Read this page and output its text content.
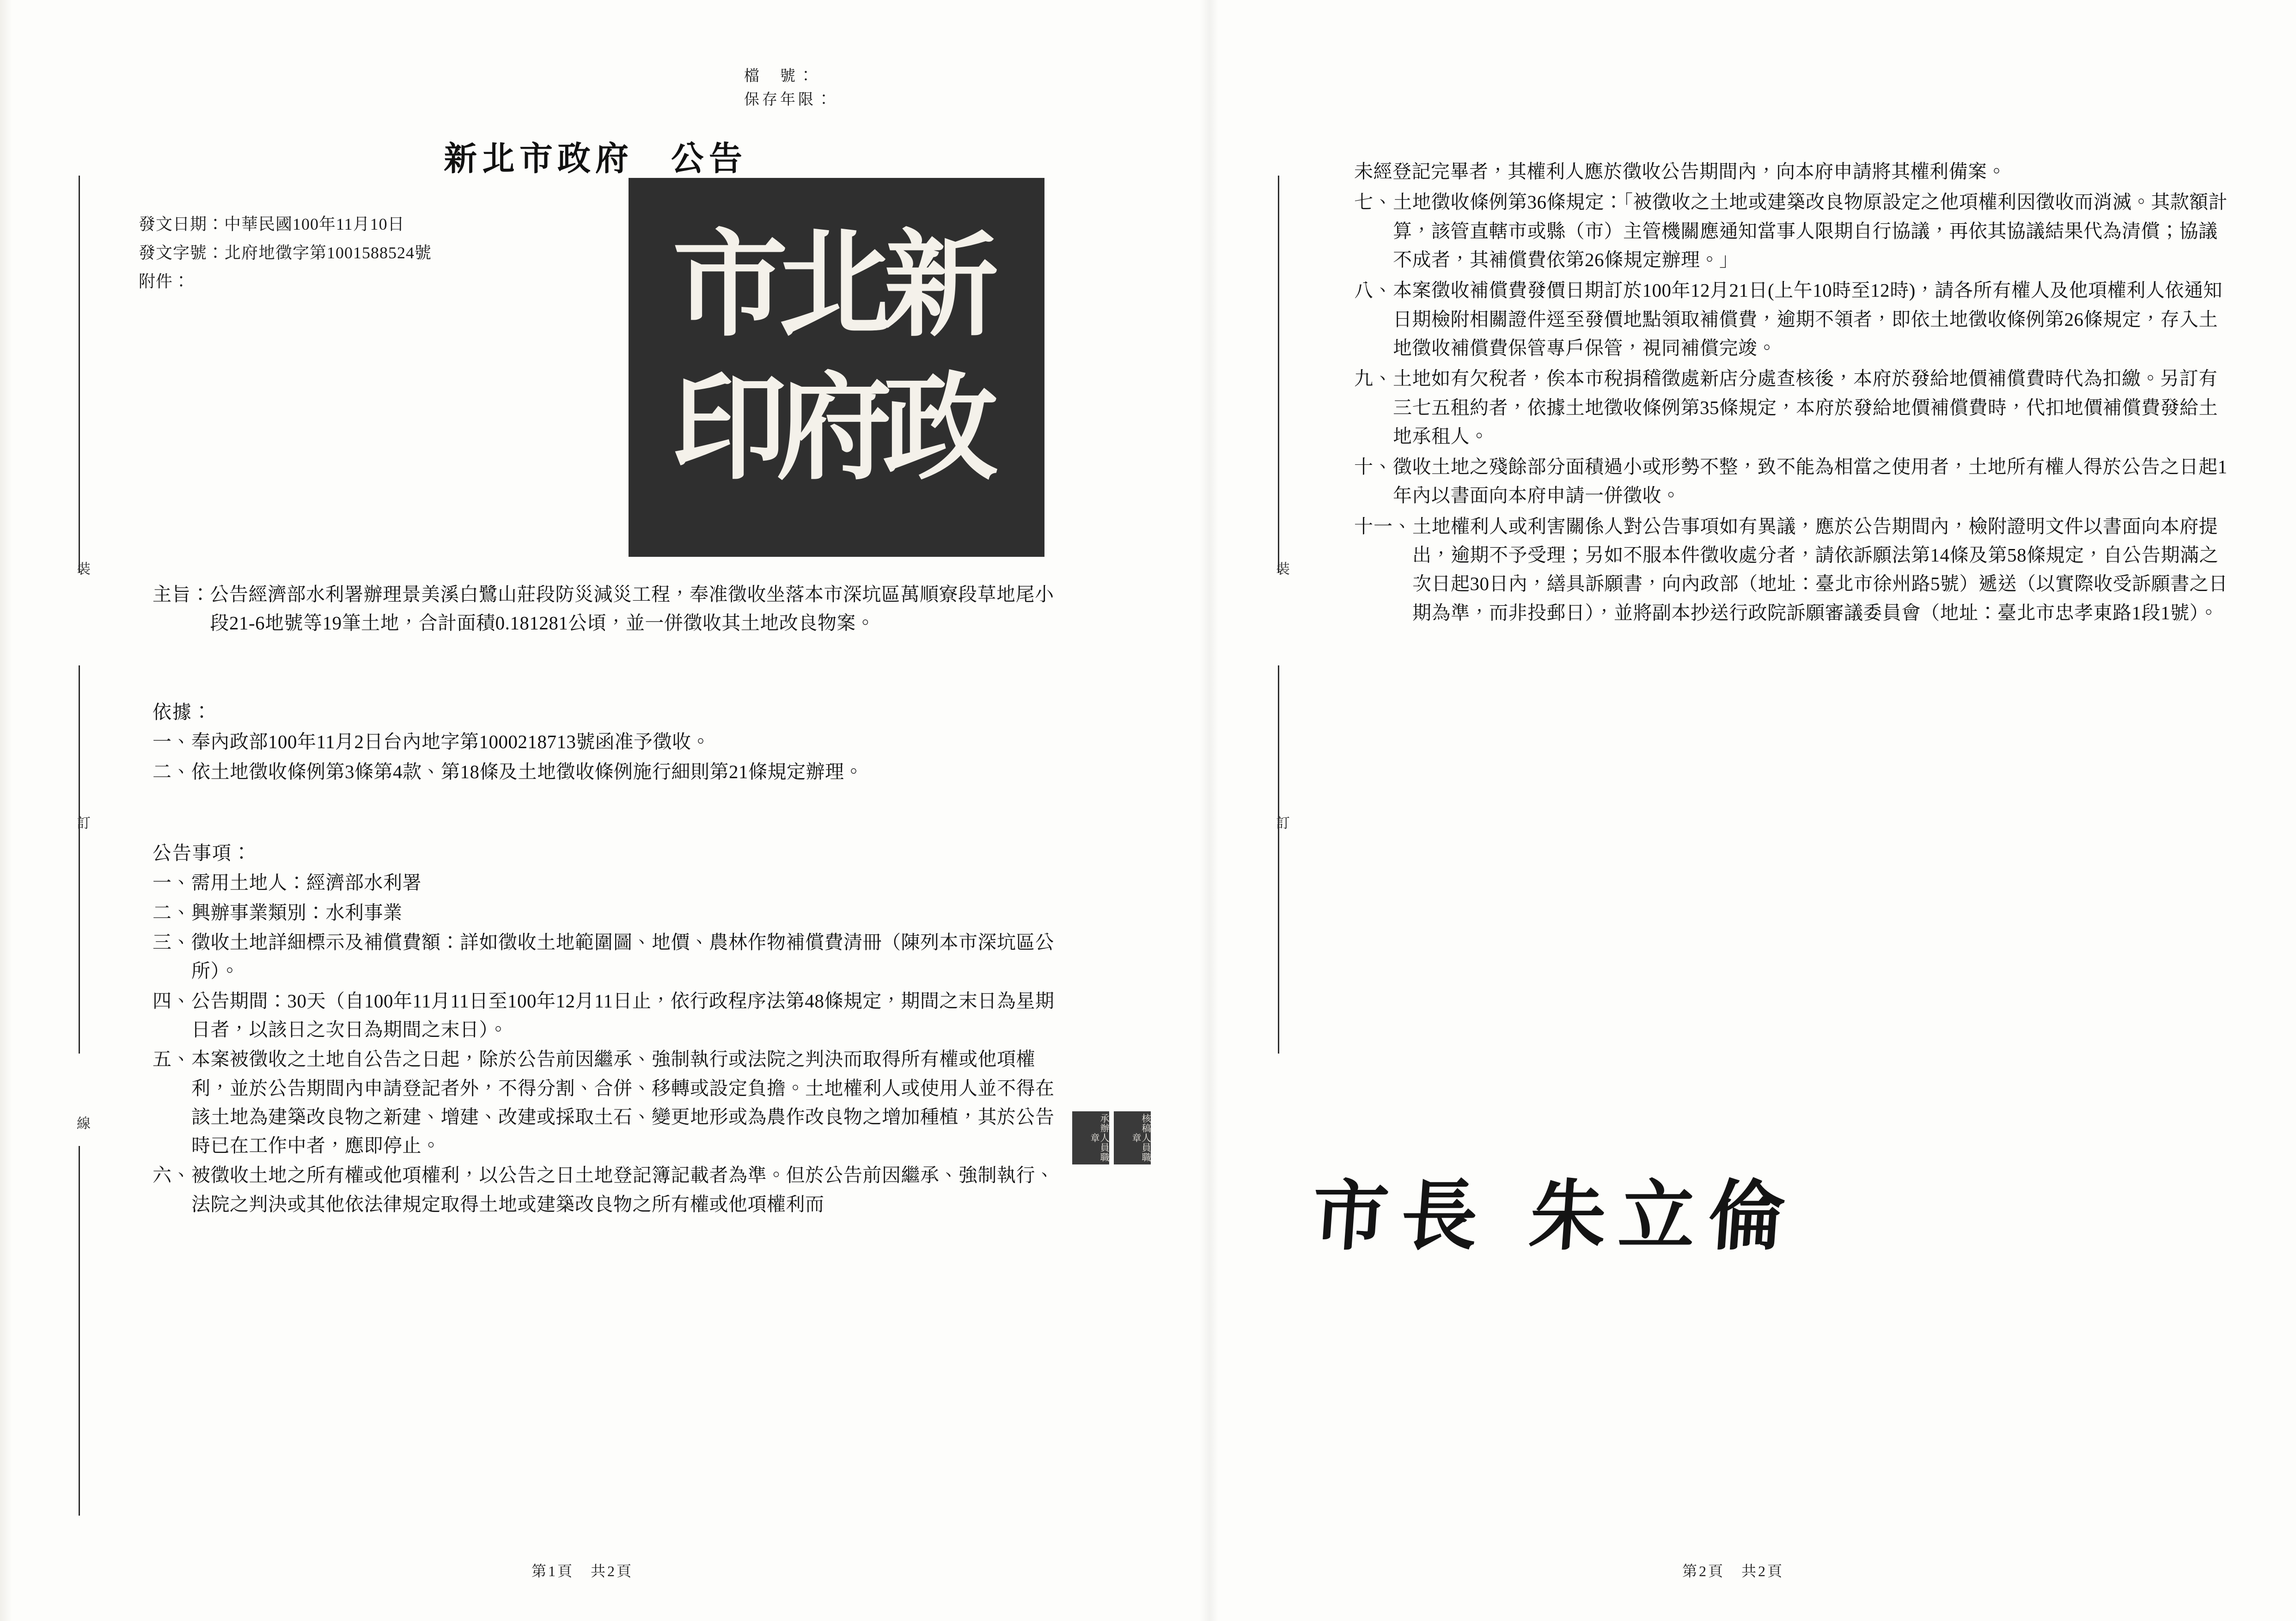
裝
訂
線
檔　號：
保存年限：
新北市政府　公告
發文日期：中華民國100年11月10日
發文字號：北府地徵字第1001588524號
附件：	新
北
市
政
府
印
主旨： 公告經濟部水利署辦理景美溪白鷺山莊段防災減災工程，奉准徵收坐落本市深坑區萬順寮段草地尾小段21-6地號等19筆土地，合計面積0.181281公頃，並一併徵收其土地改良物案。
依據：
一、 奉內政部100年11月2日台內地字第1000218713號函准予徵收。
二、 依土地徵收條例第3條第4款、第18條及土地徵收條例施行細則第21條規定辦理。
公告事項：
一、 需用土地人：經濟部水利署
二、 興辦事業類別：水利事業
三、 徵收土地詳細標示及補償費額：詳如徵收土地範圍圖、地價、農林作物補償費清冊（陳列本市深坑區公所）。
四、 公告期間：30天（自100年11月11日至100年12月11日止，依行政程序法第48條規定，期間之末日為星期日者，以該日之次日為期間之末日）。
五、 本案被徵收之土地自公告之日起，除於公告前因繼承、強制執行或法院之判決而取得所有權或他項權利，並於公告期間內申請登記者外，不得分割、合併、移轉或設定負擔。土地權利人或使用人並不得在該土地為建築改良物之新建、增建、改建或採取土石、變更地形或為農作改良物之增加種植，其於公告時已在工作中者，應即停止。
六、 被徵收土地之所有權或他項權利，以公告之日土地登記簿記載者為準。但於公告前因繼承、強制執行、法院之判決或其他依法律規定取得土地或建築改良物之所有權或他項權利而
承辦人員職章	核稿人員職章
第1頁　共2頁
裝
訂
第2頁　共2頁
未經登記完畢者，其權利人應於徵收公告期間內，向本府申請將其權利備案。
七、 土地徵收條例第36條規定：「被徵收之土地或建築改良物原設定之他項權利因徵收而消滅。其款額計算，該管直轄市或縣（市）主管機關應通知當事人限期自行協議，再依其協議結果代為清償；協議不成者，其補償費依第26條規定辦理。」
八、 本案徵收補償費發價日期訂於100年12月21日(上午10時至12時)，請各所有權人及他項權利人依通知日期檢附相關證件逕至發價地點領取補償費，逾期不領者，即依土地徵收條例第26條規定，存入土地徵收補償費保管專戶保管，視同補償完竣。
九、 土地如有欠稅者，俟本市稅捐稽徵處新店分處查核後，本府於發給地價補償費時代為扣繳。另訂有三七五租約者，依據土地徵收條例第35條規定，本府於發給地價補償費時，代扣地價補償費發給土地承租人。
十、 徵收土地之殘餘部分面積過小或形勢不整，致不能為相當之使用者，土地所有權人得於公告之日起1年內以書面向本府申請一併徵收。
十一、 土地權利人或利害關係人對公告事項如有異議，應於公告期間內，檢附證明文件以書面向本府提出，逾期不予受理；另如不服本件徵收處分者，請依訴願法第14條及第58條規定，自公告期滿之次日起30日內，繕具訴願書，向內政部（地址：臺北市徐州路5號）遞送（以實際收受訴願書之日期為準，而非投郵日），並將副本抄送行政院訴願審議委員會（地址：臺北市忠孝東路1段1號）。
市長 朱立倫
